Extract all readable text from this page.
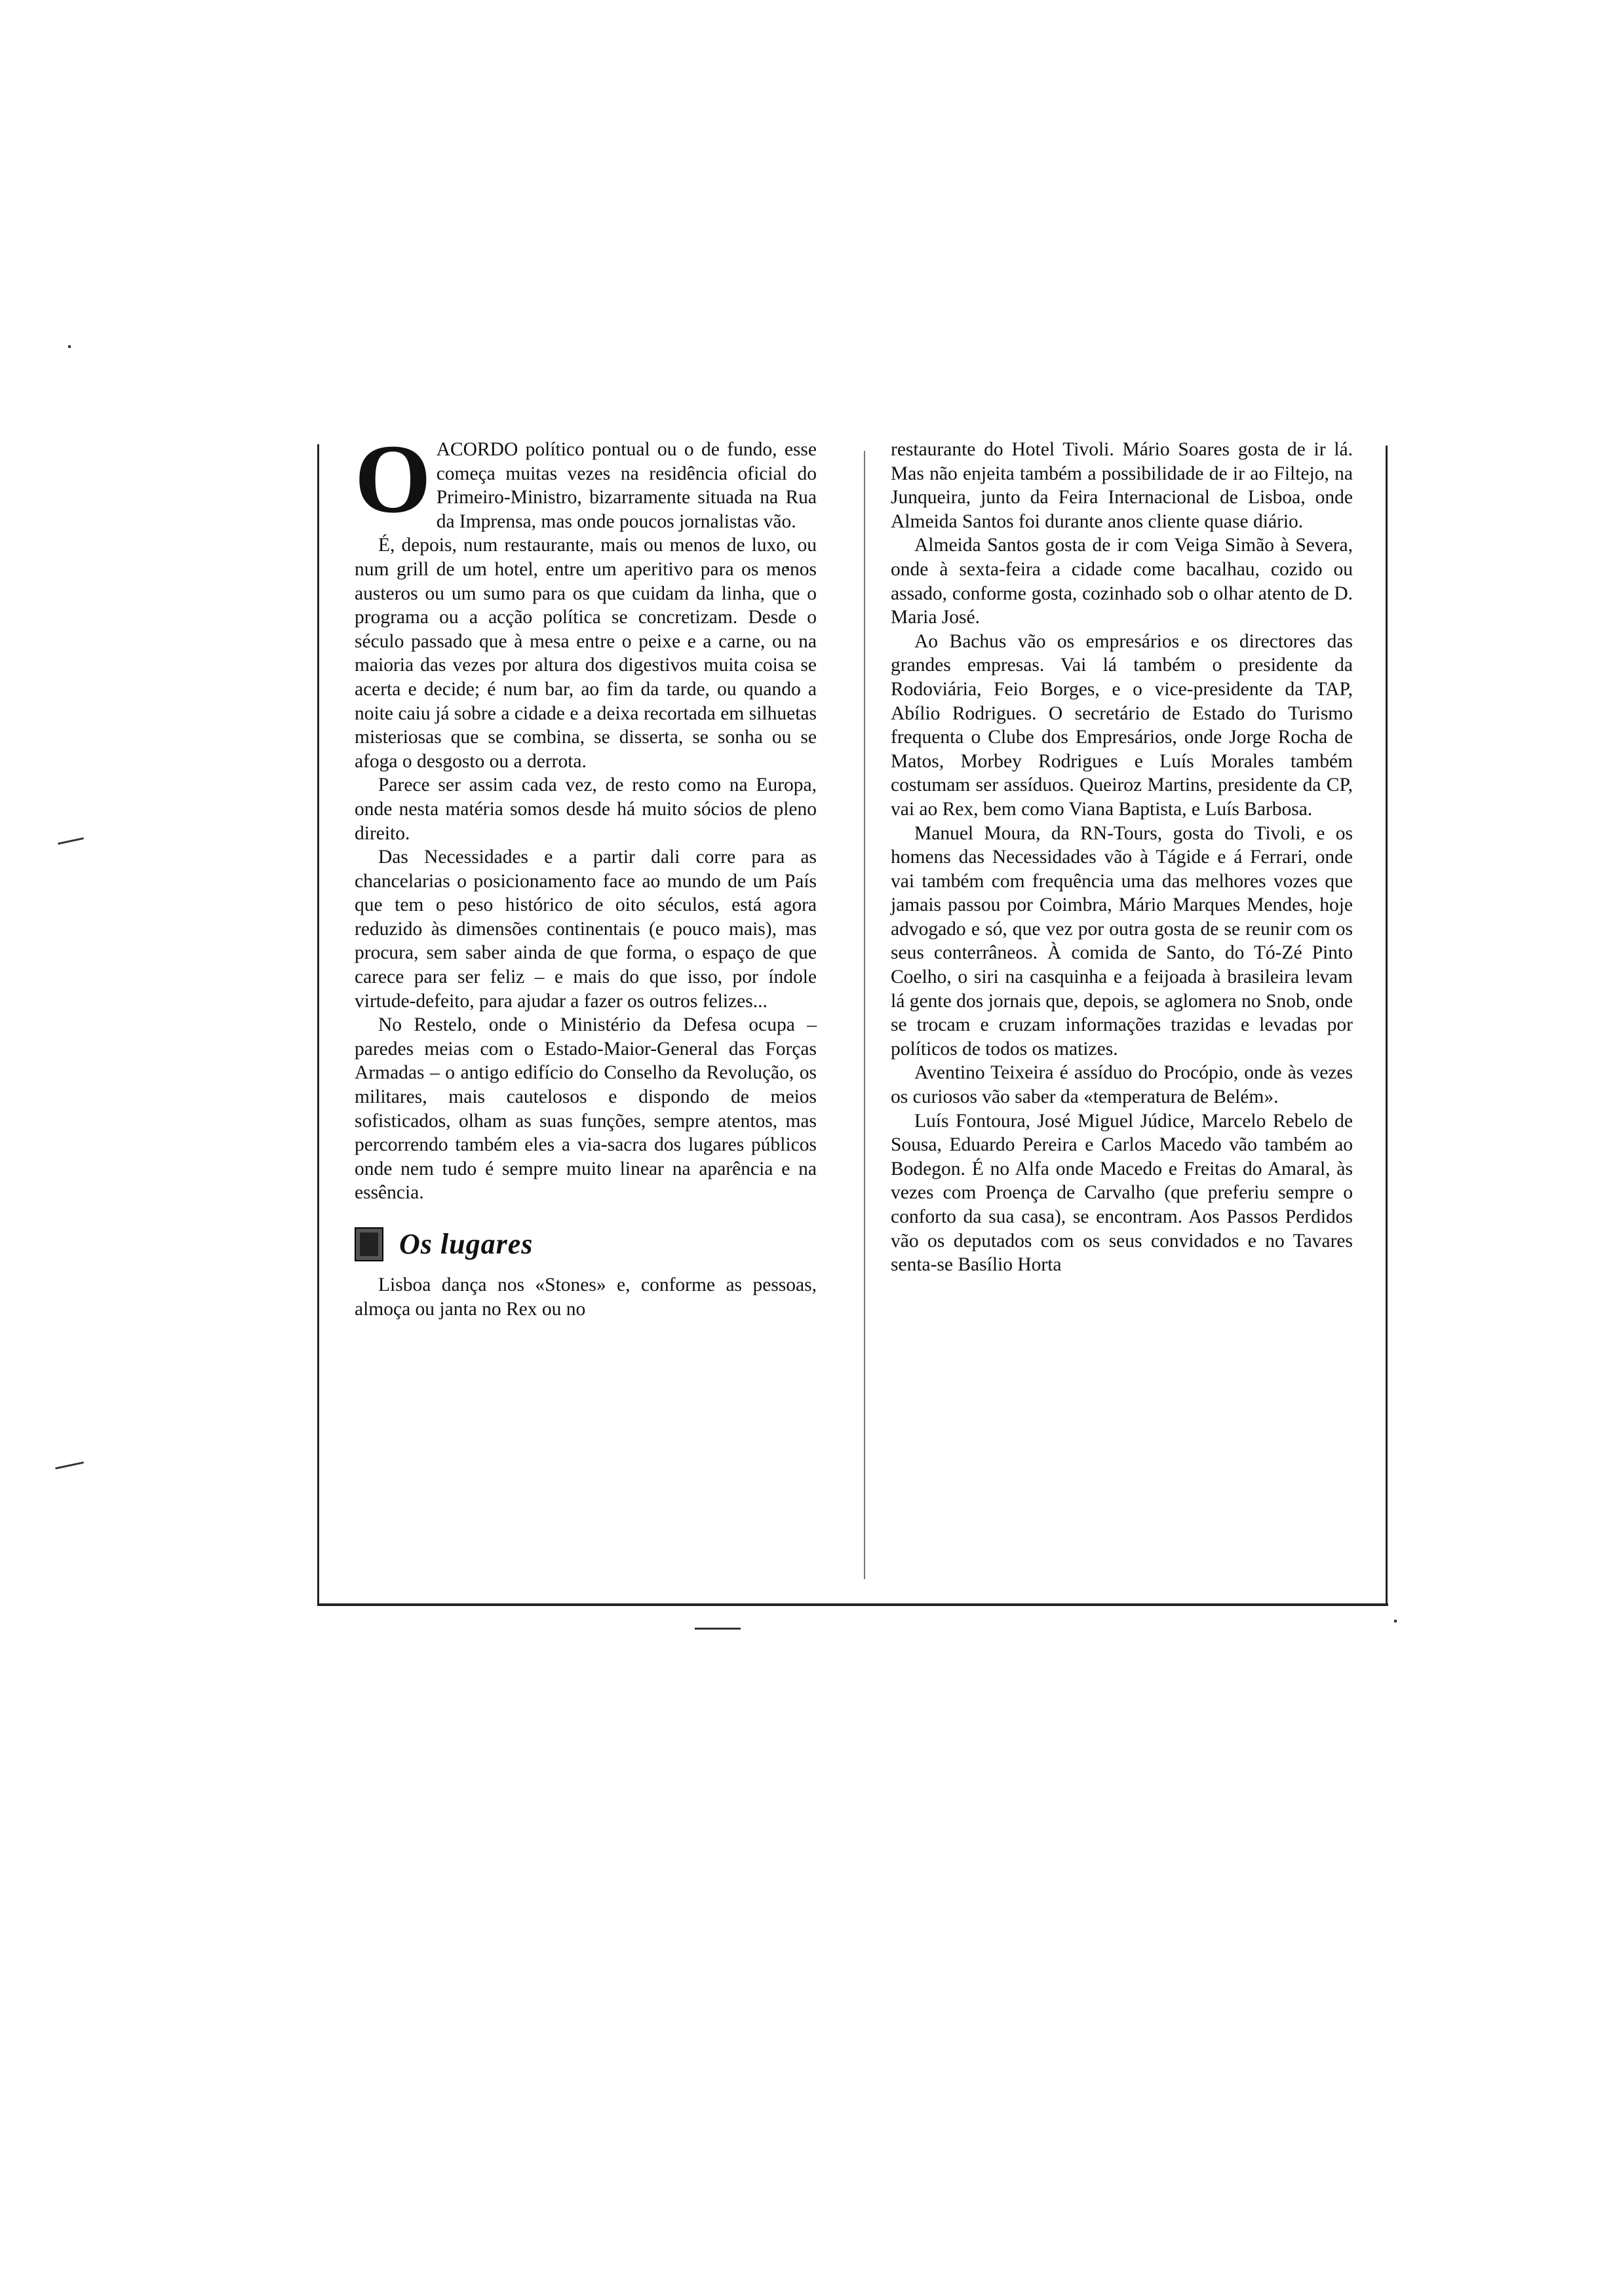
O ACORDO político pontual ou o de fundo, esse começa muitas vezes na residência oficial do Primeiro-Ministro, bizarramente situada na Rua da Imprensa, mas onde poucos jornalistas vão.

É, depois, num restaurante, mais ou menos de luxo, ou num grill de um hotel, entre um aperitivo para os menos austeros ou um sumo para os que cuidam da linha, que o programa ou a acção política se concretizam. Desde o século passado que à mesa entre o peixe e a carne, ou na maioria das vezes por altura dos digestivos muita coisa se acerta e decide; é num bar, ao fim da tarde, ou quando a noite caiu já sobre a cidade e a deixa recortada em silhuetas misteriosas que se combina, se disserta, se sonha ou se afoga o desgosto ou a derrota.

Parece ser assim cada vez, de resto como na Europa, onde nesta matéria somos desde há muito sócios de pleno direito.

Das Necessidades e a partir dali corre para as chancelarias o posicionamento face ao mundo de um País que tem o peso histórico de oito séculos, está agora reduzido às dimensões continentais (e pouco mais), mas procura, sem saber ainda de que forma, o espaço de que carece para ser feliz – e mais do que isso, por índole virtude-defeito, para ajudar a fazer os outros felizes...

No Restelo, onde o Ministério da Defesa ocupa – paredes meias com o Estado-Maior-General das Forças Armadas – o antigo edifício do Conselho da Revolução, os militares, mais cautelosos e dispondo de meios sofisticados, olham as suas funções, sempre atentos, mas percorrendo também eles a via-sacra dos lugares públicos onde nem tudo é sempre muito linear na aparência e na essência.

Os lugares

Lisboa dança nos «Stones» e, conforme as pessoas, almoça ou janta no Rex ou no

restaurante do Hotel Tivoli. Mário Soares gosta de ir lá. Mas não enjeita também a possibilidade de ir ao Filtejo, na Junqueira, junto da Feira Internacional de Lisboa, onde Almeida Santos foi durante anos cliente quase diário.

Almeida Santos gosta de ir com Veiga Simão à Severa, onde à sexta-feira a cidade come bacalhau, cozido ou assado, conforme gosta, cozinhado sob o olhar atento de D. Maria José.

Ao Bachus vão os empresários e os directores das grandes empresas. Vai lá também o presidente da Rodoviária, Feio Borges, e o vice-presidente da TAP, Abílio Rodrigues. O secretário de Estado do Turismo frequenta o Clube dos Empresários, onde Jorge Rocha de Matos, Morbey Rodrigues e Luís Morales também costumam ser assíduos. Queiroz Martins, presidente da CP, vai ao Rex, bem como Viana Baptista, e Luís Barbosa.

Manuel Moura, da RN-Tours, gosta do Tivoli, e os homens das Necessidades vão à Tágide e á Ferrari, onde vai também com frequência uma das melhores vozes que jamais passou por Coimbra, Mário Marques Mendes, hoje advogado e só, que vez por outra gosta de se reunir com os seus conterrâneos. À comida de Santo, do Tó-Zé Pinto Coelho, o siri na casquinha e a feijoada à brasileira levam lá gente dos jornais que, depois, se aglomera no Snob, onde se trocam e cruzam informações trazidas e levadas por políticos de todos os matizes.

Aventino Teixeira é assíduo do Procópio, onde às vezes os curiosos vão saber da «temperatura de Belém».

Luís Fontoura, José Miguel Júdice, Marcelo Rebelo de Sousa, Eduardo Pereira e Carlos Macedo vão também ao Bodegon. É no Alfa onde Macedo e Freitas do Amaral, às vezes com Proença de Carvalho (que preferiu sempre o conforto da sua casa), se encontram. Aos Passos Perdidos vão os deputados com os seus convidados e no Tavares senta-se Basílio Horta
